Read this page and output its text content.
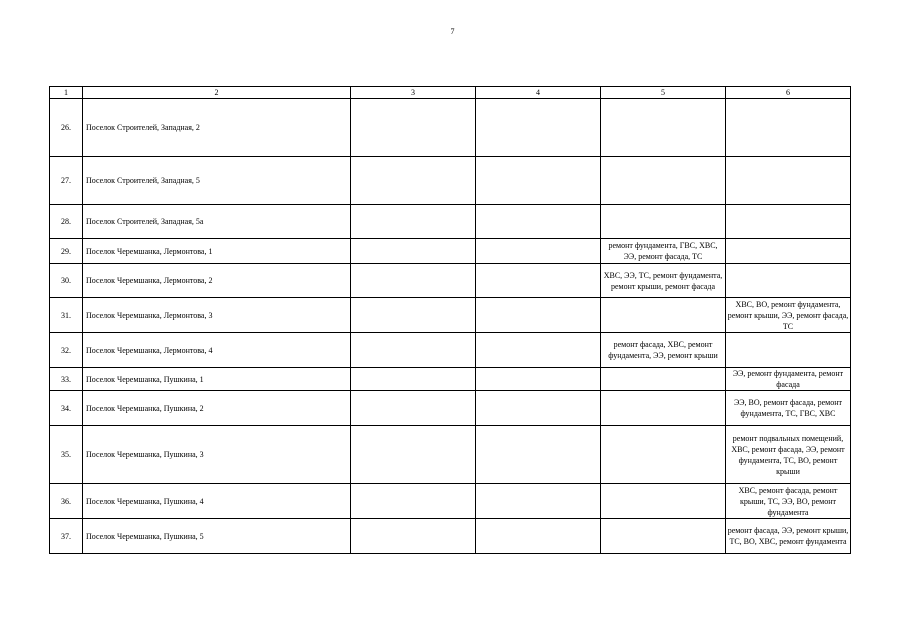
7
1	2	3	4	5	6
26.	Поселок Строителей, Западная, 2				
27.	Поселок Строителей, Западная, 5				
28.	Поселок Строителей, Западная, 5а				
29.	Поселок Черемшанка, Лермонтова, 1			ремонт фундамента, ГВС, ХВС, ЭЭ, ремонт фасада, ТС	
30.	Поселок Черемшанка, Лермонтова, 2			ХВС, ЭЭ, ТС, ремонт фундамента, ремонт крыши, ремонт фасада	
31.	Поселок Черемшанка, Лермонтова, 3				ХВС, ВО, ремонт фундамента, ремонт крыши, ЭЭ, ремонт фасада, ТС
32.	Поселок Черемшанка, Лермонтова, 4			ремонт фасада, ХВС, ремонт фундамента, ЭЭ, ремонт крыши	
33.	Поселок Черемшанка, Пушкина, 1				ЭЭ, ремонт фундамента, ремонт фасада
34.	Поселок Черемшанка, Пушкина, 2				ЭЭ, ВО, ремонт фасада, ремонт фундамента, ТС, ГВС, ХВС
35.	Поселок Черемшанка, Пушкина, 3				ремонт подвальных помещений, ХВС, ремонт фасада, ЭЭ, ремонт фундамента, ТС, ВО, ремонт крыши
36.	Поселок Черемшанка, Пушкина, 4				ХВС, ремонт фасада, ремонт крыши, ТС, ЭЭ, ВО, ремонт фундамента
37.	Поселок Черемшанка, Пушкина, 5				ремонт фасада, ЭЭ, ремонт крыши, ТС, ВО, ХВС, ремонт фундамента
